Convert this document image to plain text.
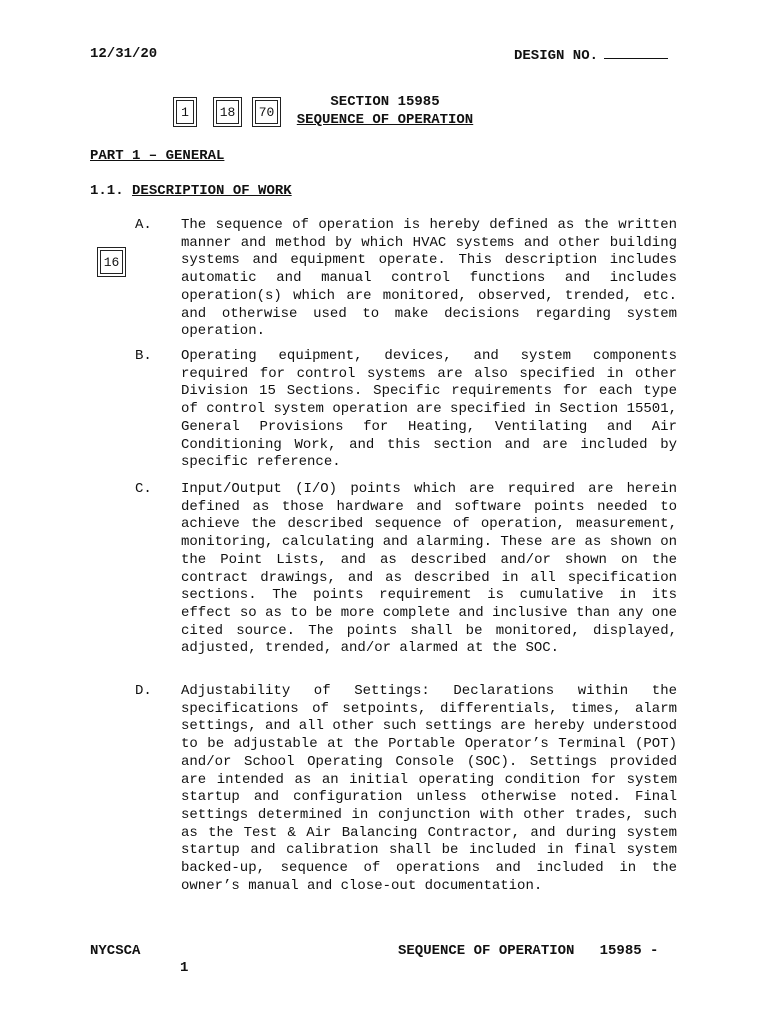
12/31/20	DESIGN NO.
1	18 70
SECTION 15985
SEQUENCE OF OPERATION
PART 1 – GENERAL
1.1. DESCRIPTION OF WORK
16
A. The sequence of operation is hereby defined as the written manner and method by which HVAC systems and other building systems and equipment operate. This description includes automatic and manual control functions and includes operation(s) which are monitored, observed, trended, etc. and otherwise used to make decisions regarding system operation.
B. Operating equipment, devices, and system components required for control systems are also specified in other Division 15 Sections. Specific requirements for each type of control system operation are specified in Section 15501, General Provisions for Heating, Ventilating and Air Conditioning Work, and this section and are included by specific reference.
C. Input/Output (I/O) points which are required are herein defined as those hardware and software points needed to achieve the described sequence of operation, measurement, monitoring, calculating and alarming. These are as shown on the Point Lists, and as described and/or shown on the contract drawings, and as described in all specification sections. The points requirement is cumulative in its effect so as to be more complete and inclusive than any one cited source. The points shall be monitored, displayed, adjusted, trended, and/or alarmed at the SOC.
D. Adjustability of Settings: Declarations within the specifications of setpoints, differentials, times, alarm settings, and all other such settings are hereby understood to be adjustable at the Portable Operator’s Terminal (POT) and/or School Operating Console (SOC). Settings provided are intended as an initial operating condition for system startup and configuration unless otherwise noted. Final settings determined in conjunction with other trades, such as the Test & Air Balancing Contractor, and during system startup and calibration shall be included in final system backed-up, sequence of operations and included in the owner’s manual and close-out documentation.
NYCSCA	SEQUENCE OF OPERATION   15985 -
1
